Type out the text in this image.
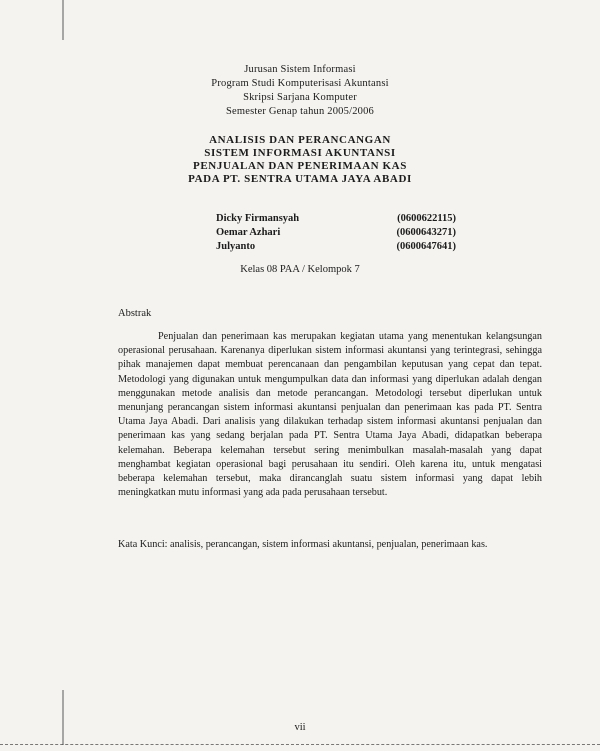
Jurusan Sistem Informasi

Program Studi Komputerisasi Akuntansi

Skripsi Sarjana Komputer

Semester Genap tahun 2005/2006

ANALISIS DAN PERANCANGAN

SISTEM INFORMASI AKUNTANSI

PENJUALAN DAN PENERIMAAN KAS

PADA PT. SENTRA UTAMA JAYA ABADI

Dicky Firmansyah	(0600622115)
Oemar Azhari	(0600643271)
Julyanto	(0600647641)
Kelas 08 PAA / Kelompok 7
Abstrak

Penjualan dan penerimaan kas merupakan kegiatan utama yang menentukan kelangsungan operasional perusahaan. Karenanya diperlukan sistem informasi akuntansi yang terintegrasi, sehingga pihak manajemen dapat membuat perencanaan dan pengambilan keputusan yang cepat dan tepat. Metodologi yang digunakan untuk mengumpulkan data dan informasi yang diperlukan adalah dengan menggunakan metode analisis dan metode perancangan. Metodologi tersebut diperlukan untuk menunjang perancangan sistem informasi akuntansi penjualan dan penerimaan kas pada PT. Sentra Utama Jaya Abadi. Dari analisis yang dilakukan terhadap sistem informasi akuntansi penjualan dan penerimaan kas yang sedang berjalan pada PT. Sentra Utama Jaya Abadi, didapatkan beberapa kelemahan. Beberapa kelemahan tersebut sering menimbulkan masalah-masalah yang dapat menghambat kegiatan operasional bagi perusahaan itu sendiri. Oleh karena itu, untuk mengatasi beberapa kelemahan tersebut, maka dirancanglah suatu sistem informasi yang dapat lebih meningkatkan mutu informasi yang ada pada perusahaan tersebut.

Kata Kunci: analisis, perancangan, sistem informasi akuntansi, penjualan, penerimaan kas.

vii
